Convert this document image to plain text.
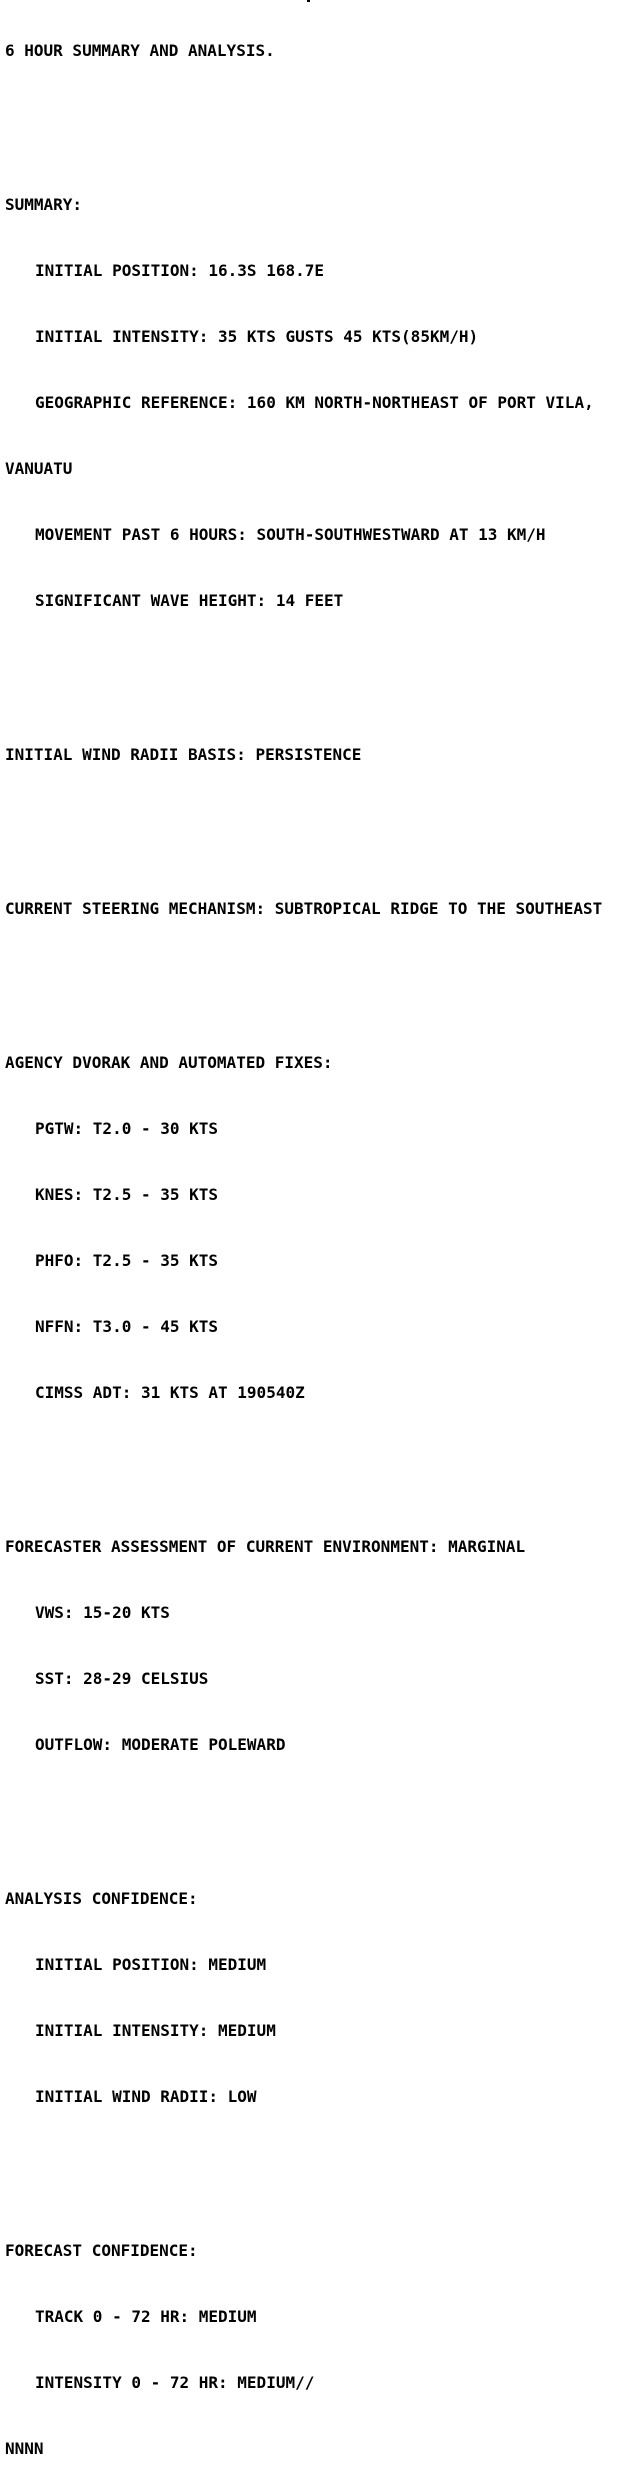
6 HOUR SUMMARY AND ANALYSIS.

SUMMARY:

INITIAL POSITION: 16.3S 168.7E

INITIAL INTENSITY: 35 KTS GUSTS 45 KTS(85KM/H)

GEOGRAPHIC REFERENCE: 160 KM NORTH-NORTHEAST OF PORT VILA,

VANUATU

MOVEMENT PAST 6 HOURS: SOUTH-SOUTHWESTWARD AT 13 KM/H

SIGNIFICANT WAVE HEIGHT: 14 FEET

INITIAL WIND RADII BASIS: PERSISTENCE

CURRENT STEERING MECHANISM: SUBTROPICAL RIDGE TO THE SOUTHEAST

AGENCY DVORAK AND AUTOMATED FIXES:

PGTW: T2.0 - 30 KTS

KNES: T2.5 - 35 KTS

PHFO: T2.5 - 35 KTS

NFFN: T3.0 - 45 KTS

CIMSS ADT: 31 KTS AT 190540Z

FORECASTER ASSESSMENT OF CURRENT ENVIRONMENT: MARGINAL

VWS: 15-20 KTS

SST: 28-29 CELSIUS

OUTFLOW: MODERATE POLEWARD

ANALYSIS CONFIDENCE:

INITIAL POSITION: MEDIUM

INITIAL INTENSITY: MEDIUM

INITIAL WIND RADII: LOW

FORECAST CONFIDENCE:

TRACK 0 - 72 HR: MEDIUM

INTENSITY 0 - 72 HR: MEDIUM//

NNNN
